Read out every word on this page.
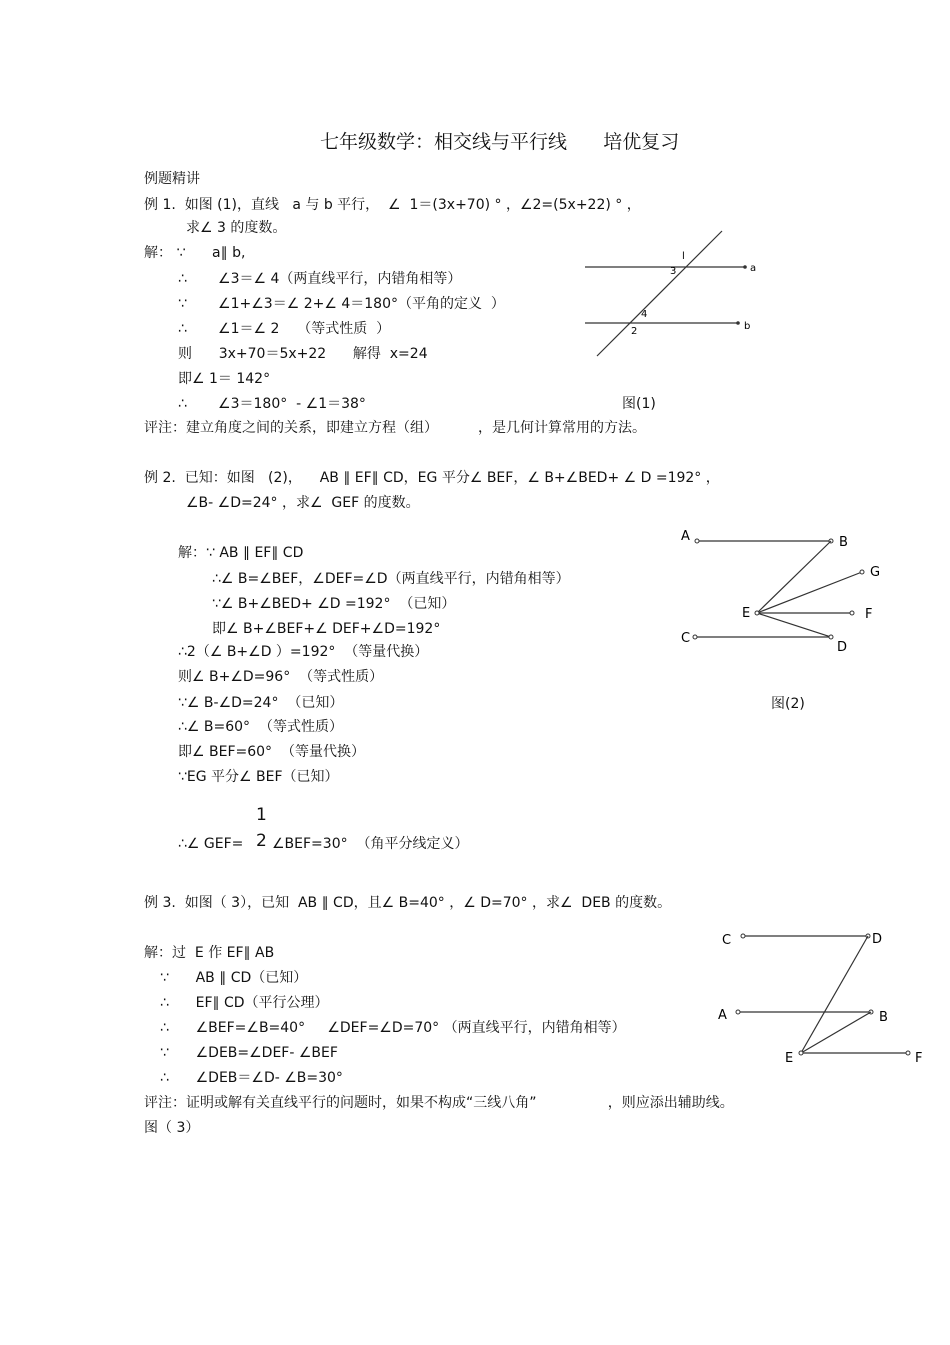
七年级数学：相交线与平行线      培优复习
例题精讲
例 1.  如图 (1)，直线   a 与 b 平行，  ∠  1＝(3x+70) ° ，∠2=(5x+22) ° ，
求∠ 3 的度数。
解： ∵      a∥ b,
∴       ∠3＝∠ 4（两直线平行，内错角相等）
∵       ∠1+∠3＝∠ 2+∠ 4＝180°（平角的定义  ）
∴       ∠1＝∠ 2    （等式性质  ）
则      3x+70＝5x+22      解得  x=24
即∠ 1＝ 142°
∴       ∠3＝180°  - ∠1＝38°	图(1)
评注：建立角度之间的关系，即建立方程（组）         ，是几何计算常用的方法。
l
a
b
3
4
2
例 2.  已知：如图   (2)，    AB ∥ EF∥ CD，EG 平分∠ BEF，∠ B+∠BED+ ∠ D =192° ，
∠B- ∠D=24° ，求∠  GEF 的度数。
解：∵ AB ∥ EF∥ CD
∴∠ B=∠BEF，∠DEF=∠D（两直线平行，内错角相等）
∵∠ B+∠BED+ ∠D =192°  （已知）
即∠ B+∠BEF+∠ DEF+∠D=192°
∴2（∠ B+∠D ）=192°  （等量代换）
则∠ B+∠D=96°  （等式性质）
∵∠ B-∠D=24°  （已知）
∴∠ B=60°  （等式性质）
即∠ BEF=60°  （等量代换）
∵EG 平分∠ BEF（已知）
1
2
∴∠ GEF= ∠BEF=30°  （角平分线定义）
图(2)
A	B
G
E	F
C
D
例 3.  如图（ 3），已知  AB ∥ CD，且∠ B=40° ，∠ D=70° ，求∠  DEB 的度数。
解：过  E 作 EF∥ AB
∵      AB ∥ CD（已知）
∴      EF∥ CD（平行公理）
∴      ∠BEF=∠B=40°     ∠DEF=∠D=70° （两直线平行，内错角相等）
∵      ∠DEB=∠DEF- ∠BEF
∴      ∠DEB＝∠D- ∠B=30°
评注：证明或解有关直线平行的问题时，如果不构成“三线八角”                ，则应添出辅助线。
图（ 3）
C	D
A	B
E	F
